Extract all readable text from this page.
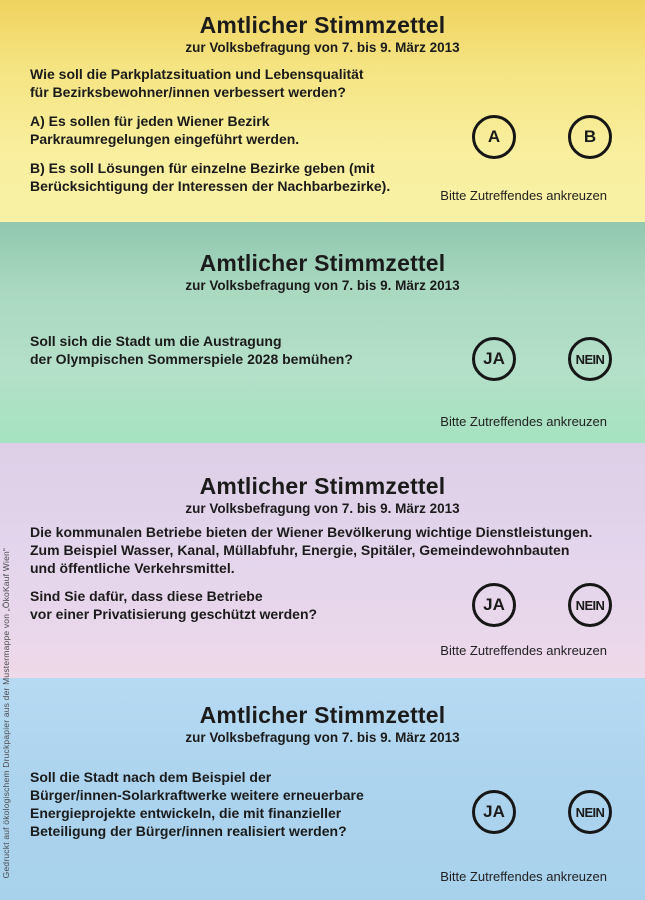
Amtlicher Stimmzettel
zur Volksbefragung von 7. bis 9. März 2013
Wie soll die Parkplatzsituation und Lebensqualität
für Bezirksbewohner/innen verbessert werden?
A) Es sollen für jeden Wiener Bezirk
Parkraumregelungen eingeführt werden.
B) Es soll Lösungen für einzelne Bezirke geben (mit
Berücksichtigung der Interessen der Nachbarbezirke).
A	B
Bitte Zutreffendes ankreuzen
Amtlicher Stimmzettel
zur Volksbefragung von 7. bis 9. März 2013
Soll sich die Stadt um die Austragung
der Olympischen Sommerspiele 2028 bemühen?	JA	NEIN
Bitte Zutreffendes ankreuzen
Amtlicher Stimmzettel
zur Volksbefragung von 7. bis 9. März 2013
Die kommunalen Betriebe bieten der Wiener Bevölkerung wichtige Dienstleistungen.
Zum Beispiel Wasser, Kanal, Müllabfuhr, Energie, Spitäler, Gemeindewohnbauten
und öffentliche Verkehrsmittel.
Sind Sie dafür, dass diese Betriebe
vor einer Privatisierung geschützt werden?	JA	NEIN
Bitte Zutreffendes ankreuzen
Amtlicher Stimmzettel
zur Volksbefragung von 7. bis 9. März 2013
Soll die Stadt nach dem Beispiel der
Bürger/innen-Solarkraftwerke weitere erneuerbare
Energieprojekte entwickeln, die mit finanzieller
Beteiligung der Bürger/innen realisiert werden?
JA	NEIN
Bitte Zutreffendes ankreuzen
Gedruckt auf ökologischem Druckpapier aus der Mustermappe von „ÖkoKauf Wien“
